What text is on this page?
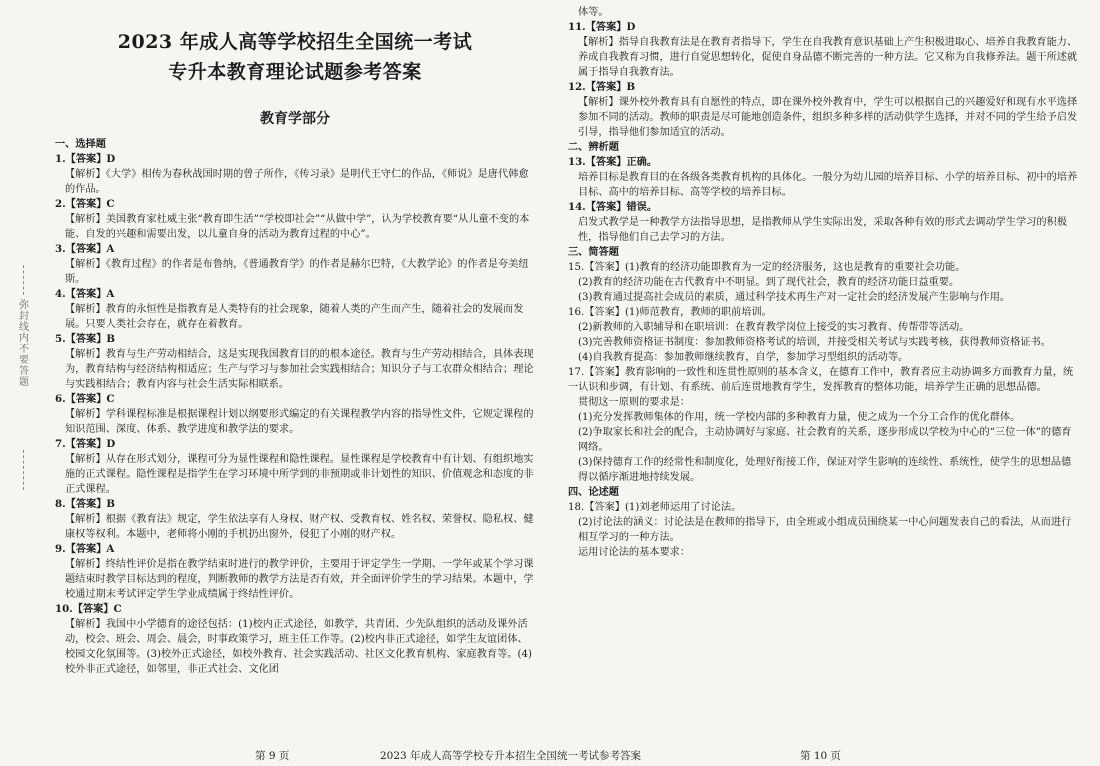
2023 年成人高等学校招生全国统一考试
专升本教育理论试题参考答案
教育学部分
一、选择题
1.【答案】D
【解析】《大学》相传为春秋战国时期的曾子所作，《传习录》是明代王守仁的作品，《师说》是唐代韩愈的作品。
2.【答案】C
【解析】美国教育家杜威主张“教育即生活”“学校即社会”“从做中学”，认为学校教育要“从儿童不变的本能、自发的兴趣和需要出发，以儿童自身的活动为教育过程的中心”。
3.【答案】A
【解析】《教育过程》的作者是布鲁纳，《普通教育学》的作者是赫尔巴特，《大教学论》的作者是夸美纽斯。
4.【答案】A
【解析】教育的永恒性是指教育是人类特有的社会现象，随着人类的产生而产生，随着社会的发展而发展。只要人类社会存在，就存在着教育。
5.【答案】B
【解析】教育与生产劳动相结合，这是实现我国教育目的的根本途径。教育与生产劳动相结合，具体表现为，教育结构与经济结构相适应；生产与学习与参加社会实践相结合；知识分子与工农群众相结合；理论与实践相结合；教育内容与社会生活实际相联系。
6.【答案】C
【解析】学科课程标准是根据课程计划以纲要形式编定的有关课程教学内容的指导性文件，它规定课程的知识范围、深度、体系、教学进度和教学法的要求。
7.【答案】D
【解析】从存在形式划分，课程可分为显性课程和隐性课程。显性课程是学校教育中有计划、有组织地实施的正式课程。隐性课程是指学生在学习环境中所学到的非预期或非计划性的知识、价值观念和态度的非正式课程。
8.【答案】B
【解析】根据《教育法》规定，学生依法享有人身权、财产权、受教育权、姓名权、荣誉权、隐私权、健康权等权利。本题中，老师将小刚的手机扔出窗外，侵犯了小刚的财产权。
9.【答案】A
【解析】终结性评价是指在教学结束时进行的教学评价，主要用于评定学生一学期、一学年或某个学习课题结束时教学目标达到的程度，判断教师的教学方法是否有效，并全面评价学生的学习结果。本题中，学校通过期末考试评定学生学业成绩属于终结性评价。
10.【答案】C
【解析】我国中小学德育的途径包括：(1)校内正式途径，如教学，共青团、少先队组织的活动及课外活动，校会、班会、周会、晨会，时事政策学习，班主任工作等。(2)校内非正式途径，如学生友谊团体、校园文化氛围等。(3)校外正式途径，如校外教育、社会实践活动、社区文化教育机构、家庭教育等。(4)校外非正式途径，如邻里，非正式社会、文化团
弥封线内不要答题
体等。
11.【答案】D
【解析】指导自我教育法是在教育者指导下，学生在自我教育意识基础上产生积极进取心、培养自我教育能力、养成自我教育习惯，进行自觉思想转化，促使自身品德不断完善的一种方法。它又称为自我修养法。题干所述就属于指导自我教育法。
12.【答案】B
【解析】课外校外教育具有自愿性的特点，即在课外校外教育中，学生可以根据自己的兴趣爱好和现有水平选择参加不同的活动。教师的职责是尽可能地创造条件，组织多种多样的活动供学生选择，并对不同的学生给予启发引导，指导他们参加适宜的活动。
二、辨析题
13.【答案】正确。
培养目标是教育目的在各级各类教育机构的具体化。一般分为幼儿园的培养目标、小学的培养目标、初中的培养目标、高中的培养目标、高等学校的培养目标。
14.【答案】错误。
启发式教学是一种教学方法指导思想，是指教师从学生实际出发，采取各种有效的形式去调动学生学习的积极性，指导他们自己去学习的方法。
三、简答题
15.【答案】(1)教育的经济功能即教育为一定的经济服务，这也是教育的重要社会功能。
(2)教育的经济功能在古代教育中不明显。到了现代社会，教育的经济功能日益重要。
(3)教育通过提高社会成员的素质，通过科学技术再生产对一定社会的经济发展产生影响与作用。
16.【答案】(1)师范教育，教师的职前培训。
(2)新教师的入职辅导和在职培训：在教育教学岗位上接受的实习教育、传帮带等活动。
(3)完善教师资格证书制度：参加教师资格考试的培训，并接受相关考试与实践考核，获得教师资格证书。
(4)自我教育提高：参加教师继续教育，自学，参加学习型组织的活动等。
17.【答案】教育影响的一致性和连贯性原则的基本含义，在德育工作中，教育者应主动协调多方面教育力量，统一认识和步调，有计划、有系统、前后连贯地教育学生，发挥教育的整体功能，培养学生正确的思想品德。
贯彻这一原则的要求是：
(1)充分发挥教师集体的作用，统一学校内部的多种教育力量，使之成为一个分工合作的优化群体。
(2)争取家长和社会的配合，主动协调好与家庭、社会教育的关系，逐步形成以学校为中心的“三位一体”的德育网络。
(3)保持德育工作的经常性和制度化，处理好衔接工作，保证对学生影响的连续性、系统性，使学生的思想品德得以循序渐进地持续发展。
四、论述题
18.【答案】(1)刘老师运用了讨论法。
(2)讨论法的涵义：讨论法是在教师的指导下，由全班或小组成员围绕某一中心问题发表自己的看法，从而进行相互学习的一种方法。
运用讨论法的基本要求：
第 9 页	2023 年成人高等学校专升本招生全国统一考试参考答案	第 10 页
